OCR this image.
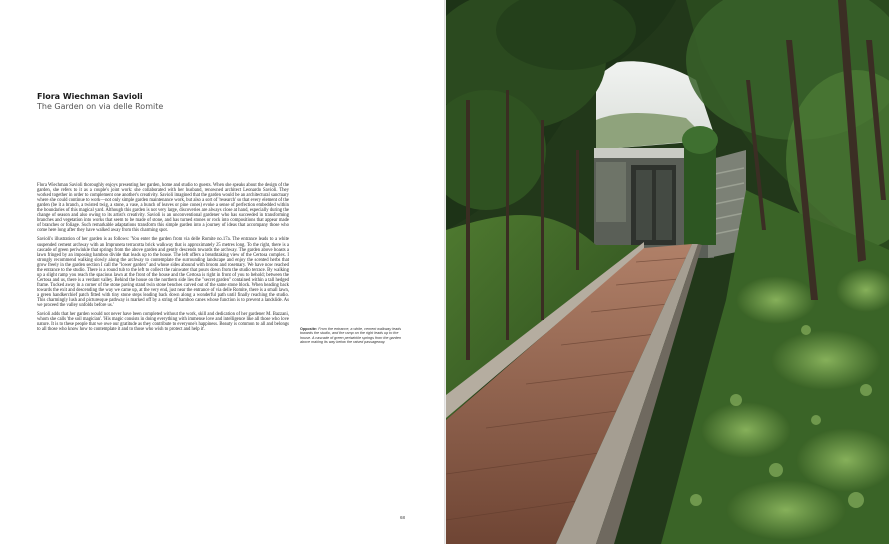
Flora Wiechman Savioli
The Garden on via delle Romite

Flora Wiechman Savioli thoroughly enjoys presenting her garden, home and studio to guests. When she speaks about the design of the garden, she refers to it as a couple's joint work: she collaborated with her husband, renowned architect Leonardo Savioli. They worked together in order to complement one another's creativity. Savioli imagined that the garden would be an architectural sanctuary where she could continue to work—not only simple garden maintenance work, but also a sort of 'research' so that every element of the garden (be it a branch, a twisted twig, a stone, a vase, a bunch of leaves or pine cones) evoke a sense of perfection embedded within the boundaries of this magical yard. Although this garden is not very large, discoveries are always close at hand, especially during the change of season and also owing to its artist's creativity. Savioli is an unconventional gardener who has succeeded in transforming branches and vegetation into works that seem to be made of stone, and has turned stones or rock into compositions that appear made of branches or foliage. Such remarkable adaptations transform this simple garden into a journey of ideas that accompany those who come here long after they have walked away from this charming spot.

Savioli's illustration of her garden is as follows: 'You enter the garden from via delle Romite no.17a. The entrance leads to a white suspended cement archway with an Impruneta terracotta brick walkway that is approximately 25 metres long. To the right, there is a cascade of green periwinkle that springs from the above garden and gently descends towards the archway. The garden above boasts a lawn fringed by an imposing bamboo divide that leads up to the house. The left offers a breathtaking view of the Certosa complex. I strongly recommend walking slowly along the archway to contemplate the surrounding landscape and enjoy the scented herbs that grow freely in the garden section I call the "lower garden" and whose sides abound with broom and rosemary. We have now reached the entrance to the studio. There is a round tub to the left to collect the rainwater that pours down from the studio terrace. By walking up a slight ramp you reach the spacious lawn at the front of the house and the Certosa is right in front of you to behold; between the Certosa and us, there is a verdant valley. Behind the house on the northern side lies the "secret garden" contained within a tall hedged frame. Tucked away in a corner of the stone paving stand twin stone benches carved out of the same stone block. When heading back towards the exit and descending the way we came up, at the very end, just near the entrance of via delle Romite, there is a small lawn, a green handkerchief patch fitted with tiny stone steps leading back down along a wonderful path until finally reaching the studio. This charmingly lush and picturesque pathway is marked off by a string of bamboo canes whose function is to prevent a landslide. As we proceed the valley unfolds before us.'

Savioli adds that her garden would not never have been completed without the work, skill and dedication of her gardener M. Bazzani, whom she calls 'the soil magician'. 'His magic consists in doing everything with immense love and intelligence like all those who love nature. It is to these people that we owe our gratitude as they contribute to everyone's happiness. Beauty is common to all and belongs to all those who know how to contemplate it and to those who wish to protect and help it'.	Opposite: From the entrance, a white, cement walkway leads towards the studio, and the ramp on the right leads up to the house. A cascade of green periwinkle springs from the garden above making its way below the raised passageway.
68
